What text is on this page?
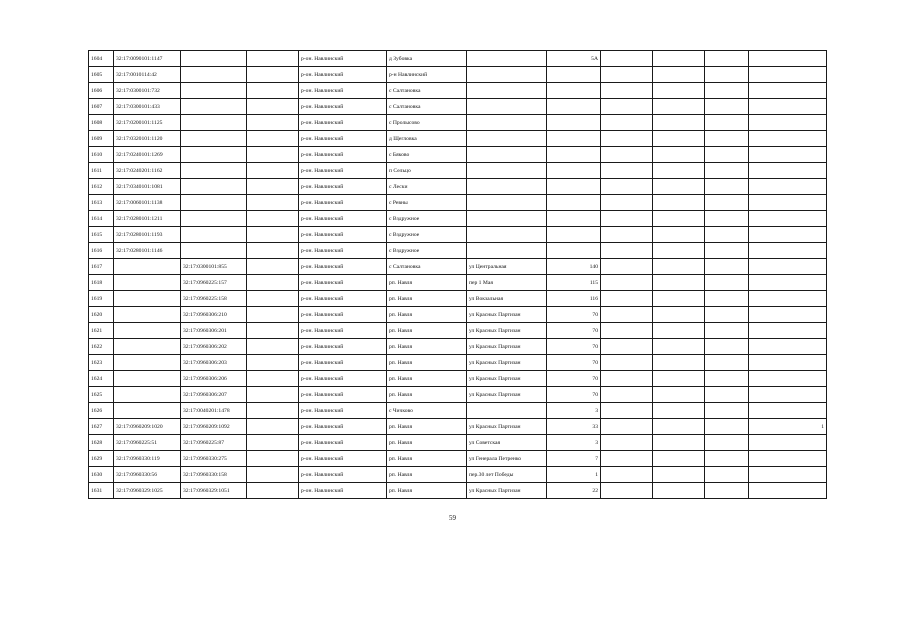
1604	32:17:0090101:1147			р-он. Навлинский	д Зубовка		5А				
1605	32:17:0010114:42			р-он. Навлинский	р-н Навлинский						
1606	32:17:0300101:732			р-он. Навлинский	с Салтановка						
1607	32:17:0300101:433			р-он. Навлинский	с Салтановка						
1608	32:17:0200101:1125			р-он. Навлинский	с Пролысово						
1609	32:17:0320101:1120			р-он. Навлинский	д Щегловка						
1610	32:17:0240101:1269			р-он. Навлинский	с Бяково						
1611	32:17:0240201:1162			р-он. Навлинский	п Сельцо						
1612	32:17:0340101:1081			р-он. Навлинский	с Лески						
1613	32:17:0060101:1138			р-он. Навлинский	с Ревны						
1614	32:17:0280101:1211			р-он. Навлинский	с Вздружное						
1615	32:17:0280101:1193			р-он. Навлинский	с Вздружное						
1616	32:17:0280101:1146			р-он. Навлинский	с Вздружное						
1617		32:17:0300101:855		р-он. Навлинский	с Салтановка	ул Центральная	140				
1618		32:17:0960225:157		р-он. Навлинский	рп. Навля	пер 1 Мая	115				
1619		32:17:0960225:158		р-он. Навлинский	рп. Навля	ул Вокзальная	116				
1620		32:17:0960306:210		р-он. Навлинский	рп. Навля	ул Красных Партизан	70				
1621		32:17:0960306:201		р-он. Навлинский	рп. Навля	ул Красных Партизан	70				
1622		32:17:0960306:202		р-он. Навлинский	рп. Навля	ул Красных Партизан	70				
1623		32:17:0960306:203		р-он. Навлинский	рп. Навля	ул Красных Партизан	70				
1624		32:17:0960306:206		р-он. Навлинский	рп. Навля	ул Красных Партизан	70				
1625		32:17:0960306:207		р-он. Навлинский	рп. Навля	ул Красных Партизан	70				
1626		32:17:0040201:1478		р-он. Навлинский	с Чичково		3				
1627	32:17:0960209:1020	32:17:0960209:1092		р-он. Навлинский	рп. Навля	ул Красных Партизан	33				1
1628	32:17:0960225:51	32:17:0960225:87		р-он. Навлинский	рп. Навля	ул Советская	3				
1629	32:17:0960330:119	32:17:0960330:275		р-он. Навлинский	рп. Навля	ул Генерала Петренко	7				
1630	32:17:0960330:56	32:17:0960330:158		р-он. Навлинский	рп. Навля	пер.30 лет Победы	1				
1631	32:17:0960329:1025	32:17:0960329:1051		р-он. Навлинский	рп. Навля	ул Красных Партизан	22				
59
